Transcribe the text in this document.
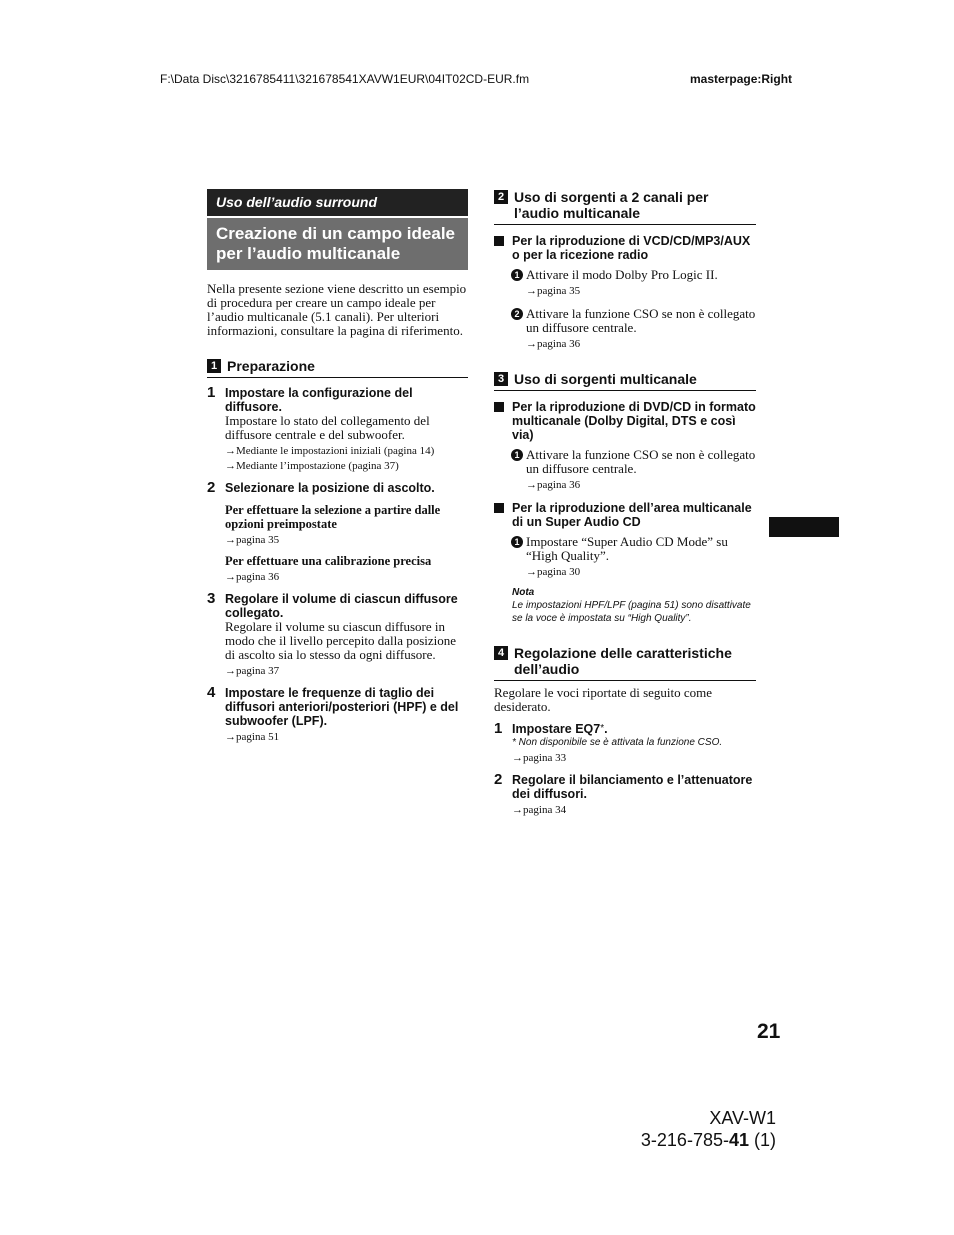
F:\Data Disc\3216785411\321678541XAVW1EUR\04IT02CD-EUR.fm	masterpage:Right
Uso dell’audio surround
Creazione di un campo ideale per l’audio multicanale

Nella presente sezione viene descritto un esempio di procedura per creare un campo ideale per l’audio multicanale (5.1 canali). Per ulteriori informazioni, consultare la pagina di riferimento.

1 Preparazione
1 Impostare la configurazione del diffusore.
Impostare lo stato del collegamento del diffusore centrale e del subwoofer.
→Mediante le impostazioni iniziali (pagina 14)
→Mediante l’impostazione (pagina 37)
2 Selezionare la posizione di ascolto.
Per effettuare la selezione a partire dalle opzioni preimpostate
→pagina 35
Per effettuare una calibrazione precisa
→pagina 36
3 Regolare il volume di ciascun diffusore collegato.
Regolare il volume su ciascun diffusore in modo che il livello percepito dalla posizione di ascolto sia lo stesso da ogni diffusore.
→pagina 37
4 Impostare le frequenze di taglio dei diffusori anteriori/posteriori (HPF) e del subwoofer (LPF).
→pagina 51
2 Uso di sorgenti a 2 canali per l’audio multicanale
Per la riproduzione di VCD/CD/MP3/AUX o per la ricezione radio
1 Attivare il modo Dolby Pro Logic II.
→pagina 35
2 Attivare la funzione CSO se non è collegato un diffusore centrale.
→pagina 36
3 Uso di sorgenti multicanale
Per la riproduzione di DVD/CD in formato multicanale (Dolby Digital, DTS e così via)
1 Attivare la funzione CSO se non è collegato un diffusore centrale.
→pagina 36
Per la riproduzione dell’area multicanale di un Super Audio CD
1 Impostare “Super Audio CD Mode” su “High Quality”.
→pagina 30
Nota
Le impostazioni HPF/LPF (pagina 51) sono disattivate se la voce è impostata su “High Quality”.
4 Regolazione delle caratteristiche dell’audio
Regolare le voci riportate di seguito come desiderato.
1 Impostare EQ7*.
* Non disponibile se è attivata la funzione CSO.
→pagina 33
2 Regolare il bilanciamento e l’attenuatore dei diffusori.
→pagina 34
21
XAV-W1
3-216-785-41 (1)
